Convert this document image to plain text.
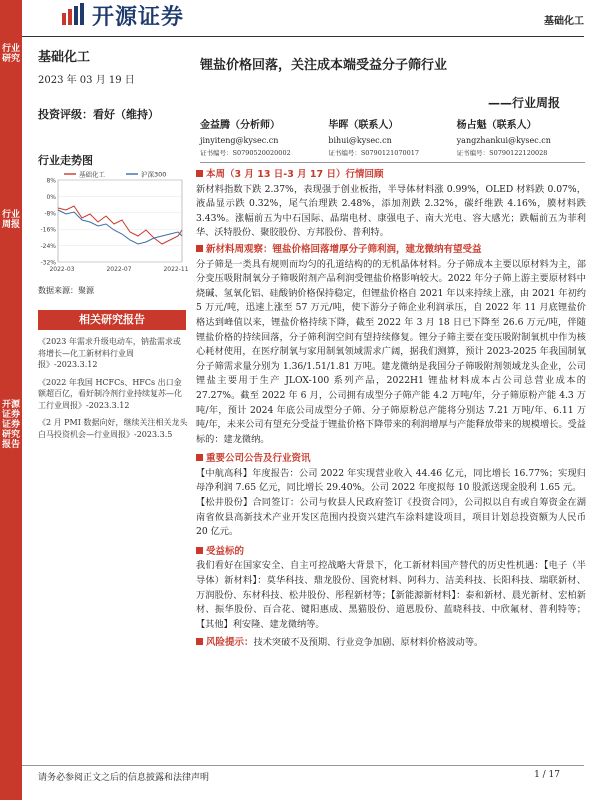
行业研究
行业周报
开源证券 证券研究报告
开源证券	基础化工
基础化工
2023 年 03 月 19 日
投资评级：看好（维持）
行业走势图
8%
0%
-8%
-16%
-24%
-32%
2022-03	2022-07	2022-11
基础化工	沪深300
数据来源：聚源
相关研究报告
《2023 年需求升级电动车，钠盐需求或将增长—化工新材料行业周报》-2023.3.12
《2022 年我国 HCFCs、HFCs 出口金额超百亿，看好制冷剂行业持续复苏—化工行业周报》-2023.3.12
《2 月 PMI 数据向好，继续关注相关龙头白马投资机会—行业周报》-2023.3.5
锂盐价格回落，关注成本端受益分子筛行业
——行业周报
金益腾（分析师）
jinyiteng@kysec.cn
证书编号：S0790520020002
毕晖（联系人）
bihui@kysec.cn
证书编号：S0790121070017
杨占魁（联系人）
yangzhankui@kysec.cn
证书编号：S0790122120028
本周（3 月 13 日-3 月 17 日）行情回顾
新材料指数下跌 2.37%，表现强于创业板指，半导体材料涨 0.99%，OLED 材料跌 0.07%，液晶显示跌 0.32%，尾气治理跌 2.48%，添加剂跌 2.32%，碳纤维跌 4.16%，膜材料跌 3.43%。涨幅前五为中石国际、晶瑞电材、康强电子、南大光电、容大感光；跌幅前五为菲利华、沃特股份、聚胶股份、方邦股份、普利特。
新材料周观察：锂盐价格回落增厚分子筛利润，建龙微纳有望受益
分子筛是一类具有规则而均匀的孔道结构的的无机晶体材料。分子筛成本主要以原材料为主，部分变压吸附制氧分子筛吸附剂产品利润受锂盐价格影响较大。2022 年分子筛上游主要原材料中烧碱、氢氧化铝、硅酸钠价格保持稳定，但锂盐价格自 2021 年以来持续上涨，由 2021 年初约 5 万元/吨，迅速上涨至 57 万元/吨，使下游分子筛企业利润承压，自 2022 年 11 月底锂盐价格达到峰值以来，锂盐价格持续下降，截至 2022 年 3 月 18 日已下降至 26.6 万元/吨，伴随锂盐价格的持续回落，分子筛利润空间有望持续修复。锂分子筛主要在变压吸附制氧机中作为核心耗材使用，在医疗制氧与家用制氧领域需求广阔，据我们测算，预计 2023-2025 年我国制氧分子筛需求量分别为 1.36/1.51/1.81 万吨。建龙微纳是我国分子筛吸附剂领域龙头企业，公司锂盐主要用于生产 JLOX-100 系列产品，2022H1 锂盐材料成本占公司总营业成本的 27.27%。截至 2022 年 6 月，公司拥有成型分子筛产能 4.2 万吨/年，分子筛原粉产能 4.3 万吨/年，预计 2024 年底公司成型分子筛、分子筛原粉总产能将分别达 7.21 万吨/年、6.11 万吨/年，未来公司有望充分受益于锂盐价格下降带来的利润增厚与产能释放带来的规模增长。受益标的：建龙微纳。
重要公司公告及行业资讯
【中航高科】年度报告：公司 2022 年实现营业收入 44.46 亿元，同比增长 16.77%；实现归母净利润 7.65 亿元，同比增长 29.40%。公司 2022 年度拟每 10 股派送现金股利 1.65 元。
【松井股份】合同签订：公司与攸县人民政府签订《投资合同》，公司拟以自有或自筹资金在湖南省攸县高新技术产业开发区范围内投资兴建汽车涂料建设项目，项目计划总投资额为人民币 20 亿元。
受益标的
我们看好在国家安全、自主可控战略大背景下，化工新材料国产替代的历史性机遇：【电子（半导体）新材料】：莫华科技、鼎龙股份、国瓷材料、阿科力、洁美科技、长阳科技、瑞联新材、万润股份、东材科技、松井股份、彤程新材等；【新能源新材料】：泰和新材、晨光新材、宏柏新材、振华股份、百合花、键阳惠成、黑猫股份、道恩股份、蓝晓科技、中欣氟材、普利特等；【其他】利安隆、建龙微纳等。
风险提示：技术突破不及预期、行业竞争加剧、原材料价格波动等。
请务必参阅正文之后的信息披露和法律声明	1 / 17
